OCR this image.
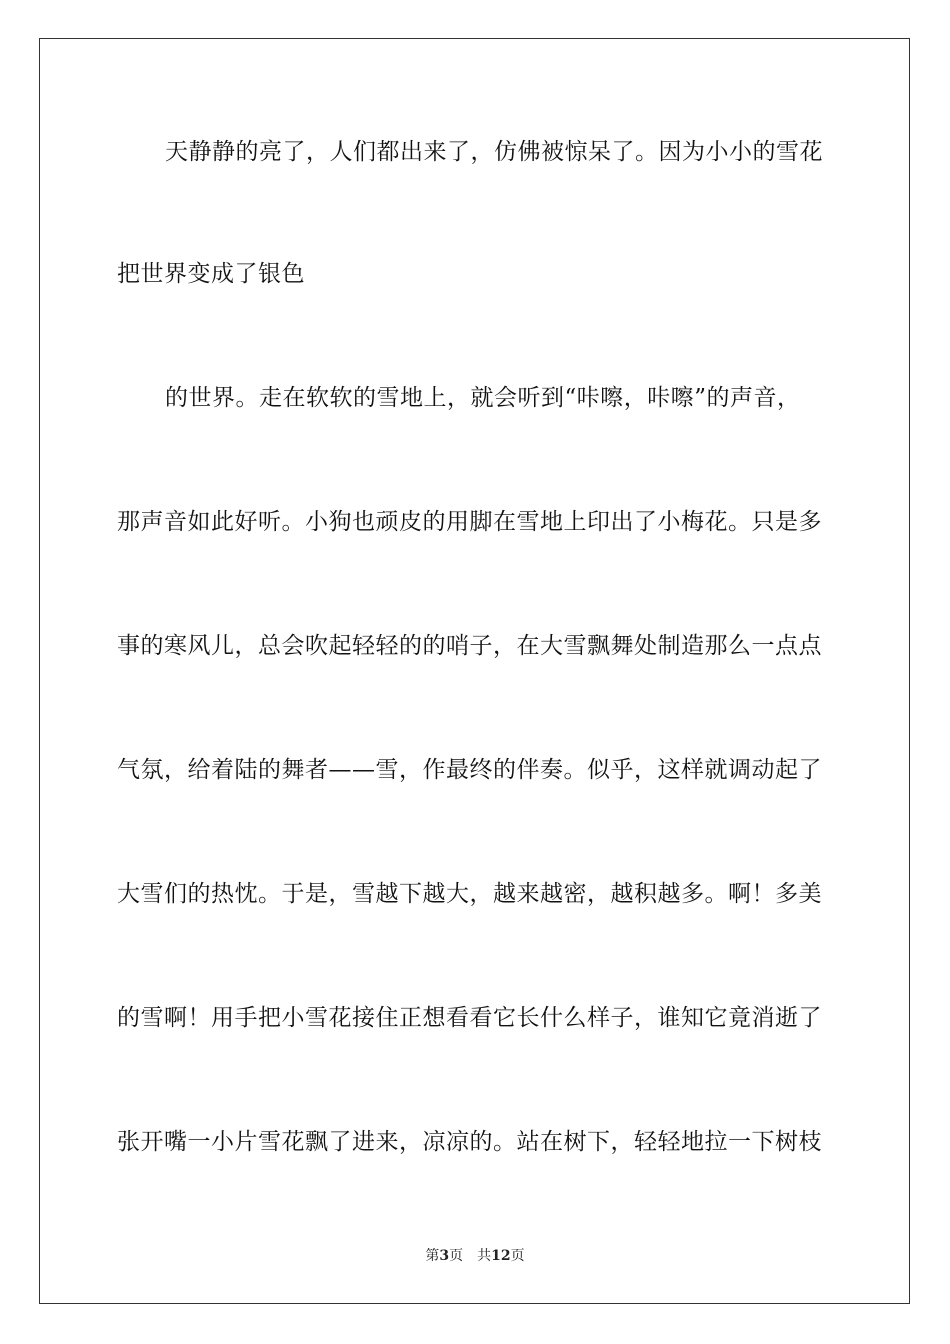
天静静的亮了，人们都出来了，仿佛被惊呆了。因为小小的雪花
把世界变成了银色
的世界。走在软软的雪地上，就会听到“咔嚓，咔嚓”的声音，
那声音如此好听。小狗也顽皮的用脚在雪地上印出了小梅花。只是多
事的寒风儿，总会吹起轻轻的的哨子，在大雪飘舞处制造那么一点点
气氛，给着陆的舞者——雪，作最终的伴奏。似乎，这样就调动起了
大雪们的热忱。于是，雪越下越大，越来越密，越积越多。啊！多美
的雪啊！用手把小雪花接住正想看看它长什么样子，谁知它竟消逝了
张开嘴一小片雪花飘了进来，凉凉的。站在树下，轻轻地拉一下树枝
第3页 共12页
